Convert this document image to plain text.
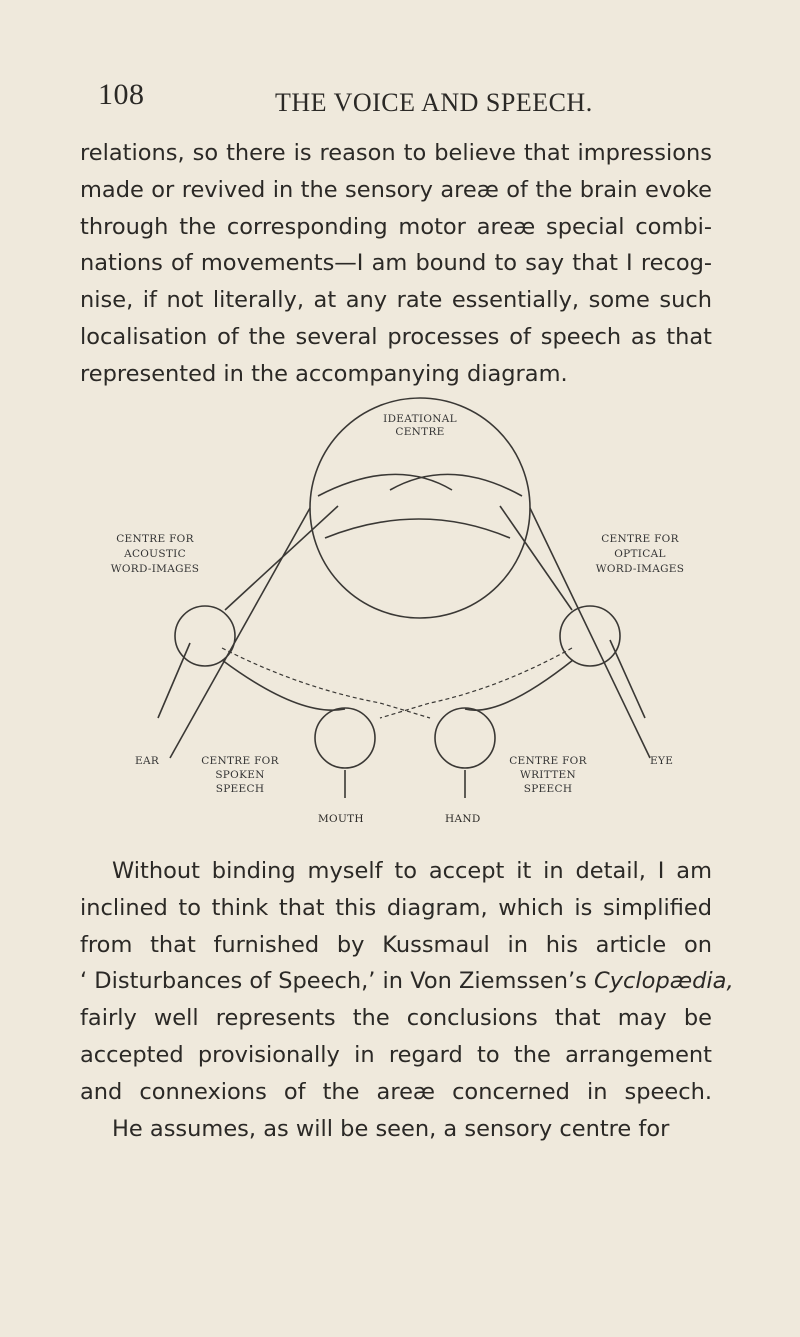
108	THE VOICE AND SPEECH.
relations, so there is reason to believe that impressions
made or revived in the sensory areæ of the brain evoke
through the corresponding motor areæ special combi-
nations of movements—I am bound to say that I recog-
nise, if not literally, at any rate essentially, some such
localisation of the several processes of speech as that
represented in the accompanying diagram.
IDEATIONAL
CENTRE
CENTRE FOR
ACOUSTIC
WORD-IMAGES
CENTRE FOR
OPTICAL
WORD-IMAGES
EAR	CENTRE FOR
SPOKEN
SPEECH
CENTRE FOR
WRITTEN
SPEECH
EYE
MOUTH	HAND
Without binding myself to accept it in detail, I am
inclined to think that this diagram, which is simplified
from that furnished by Kussmaul in his article on
‘ Disturbances of Speech,’ in Von Ziemssen’s Cyclopædia,
fairly well represents the conclusions that may be
accepted provisionally in regard to the arrangement
and connexions of the areæ concerned in speech.
He assumes, as will be seen, a sensory centre for
